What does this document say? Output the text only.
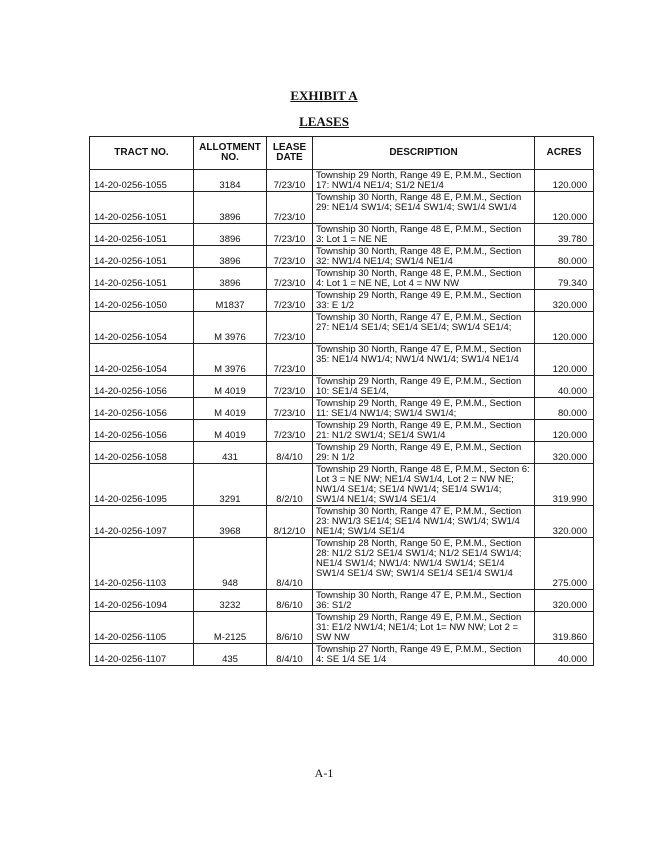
EXHIBIT A
LEASES
TRACT NO.	ALLOTMENT NO.	LEASE DATE	DESCRIPTION	ACRES
14-20-0256-1055	3184	7/23/10	Township 29 North, Range 49 E, P.M.M., Section 17: NW1/4 NE1/4; S1/2 NE1/4	120.000
14-20-0256-1051	3896	7/23/10	Township 30 North, Range 48 E, P.M.M., Section 29: NE1/4 SW1/4; SE1/4 SW1/4; SW1/4 SW1/4	120.000
14-20-0256-1051	3896	7/23/10	Township 30 North, Range 48 E, P.M.M., Section 3: Lot 1 = NE NE	39.780
14-20-0256-1051	3896	7/23/10	Township 30 North, Range 48 E, P.M.M., Section 32: NW1/4 NE1/4; SW1/4 NE1/4	80.000
14-20-0256-1051	3896	7/23/10	Township 30 North, Range 48 E, P.M.M., Section 4: Lot 1 = NE NE, Lot 4 = NW NW	79.340
14-20-0256-1050	M1837	7/23/10	Township 29 North, Range 49 E, P.M.M., Section 33: E 1/2	320.000
14-20-0256-1054	M 3976	7/23/10	Township 30 North, Range 47 E, P.M.M., Section 27: NE1/4 SE1/4; SE1/4 SE1/4; SW1/4 SE1/4;	120.000
14-20-0256-1054	M 3976	7/23/10	Township 30 North, Range 47 E, P.M.M., Section 35: NE1/4 NW1/4; NW1/4 NW1/4; SW1/4 NE1/4	120.000
14-20-0256-1056	M 4019	7/23/10	Township 29 North, Range 49 E, P.M.M., Section 10: SE1/4 SE1/4,	40.000
14-20-0256-1056	M 4019	7/23/10	Township 29 North, Range 49 E, P.M.M., Section 11: SE1/4 NW1/4; SW1/4 SW1/4;	80.000
14-20-0256-1056	M 4019	7/23/10	Township 29 North, Range 49 E, P.M.M., Section 21: N1/2 SW1/4; SE1/4 SW1/4	120.000
14-20-0256-1058	431	8/4/10	Township 29 North, Range 49 E, P.M.M., Section 29: N 1/2	320.000
14-20-0256-1095	3291	8/2/10	Township 29 North, Range 48 E, P.M.M., Secton 6: Lot 3 = NE NW; NE1/4 SW1/4, Lot 2 = NW NE; NW1/4 SE1/4; SE1/4 NW1/4; SE1/4 SW1/4; SW1/4 NE1/4; SW1/4 SE1/4	319.990
14-20-0256-1097	3968	8/12/10	Township 30 North, Range 47 E, P.M.M., Section 23: NW1/3 SE1/4; SE1/4 NW1/4; SW1/4; SW1/4 NE1/4; SW1/4 SE1/4	320.000
14-20-0256-1103	948	8/4/10	Township 28 North, Range 50 E, P.M.M., Section 28: N1/2 S1/2 SE1/4 SW1/4; N1/2 SE1/4 SW1/4; NE1/4 SW1/4; NW1/4: NW1/4 SW1/4; SE1/4 SW1/4 SE1/4 SW; SW1/4 SE1/4 SE1/4 SW1/4	275.000
14-20-0256-1094	3232	8/6/10	Township 30 North, Range 47 E, P.M.M., Section 36: S1/2	320.000
14-20-0256-1105	M-2125	8/6/10	Township 29 North, Range 49 E, P.M.M., Section 31: E1/2 NW1/4; NE1/4; Lot 1= NW NW; Lot 2 = SW NW	319.860
14-20-0256-1107	435	8/4/10	Township 27 North, Range 49 E, P.M.M., Section 4: SE 1/4 SE 1/4	40.000
A-1
